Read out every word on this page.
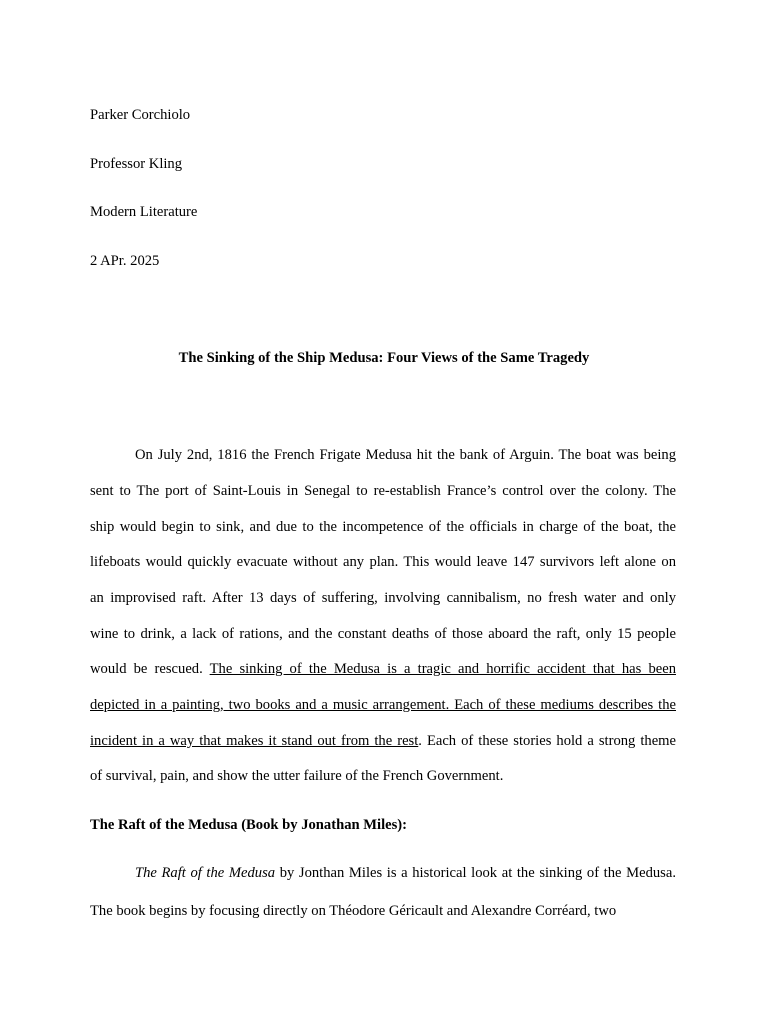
Parker Corchiolo
Professor Kling
Modern Literature
2 APr. 2025
The Sinking of the Ship Medusa: Four Views of the Same Tragedy
On July 2nd, 1816 the French Frigate Medusa hit the bank of Arguin. The boat was being
sent to The port of Saint-Louis in Senegal to re-establish France’s control over the colony. The
ship would begin to sink, and due to the incompetence of the officials in charge of the boat, the
lifeboats would quickly evacuate without any plan. This would leave 147 survivors left alone on
an improvised raft. After 13 days of suffering, involving cannibalism, no fresh water and only
wine to drink, a lack of rations, and the constant deaths of those aboard the raft, only 15 people
would be rescued. The sinking of the Medusa is a tragic and horrific accident that has been
depicted in a painting, two books and a music arrangement. Each of these mediums describes the
incident in a way that makes it stand out from the rest. Each of these stories hold a strong theme
of survival, pain, and show the utter failure of the French Government.
The Raft of the Medusa (Book by Jonathan Miles):
The Raft of the Medusa by Jonthan Miles is a historical look at the sinking of the Medusa.
The book begins by focusing directly on Théodore Géricault and Alexandre Corréard, two
